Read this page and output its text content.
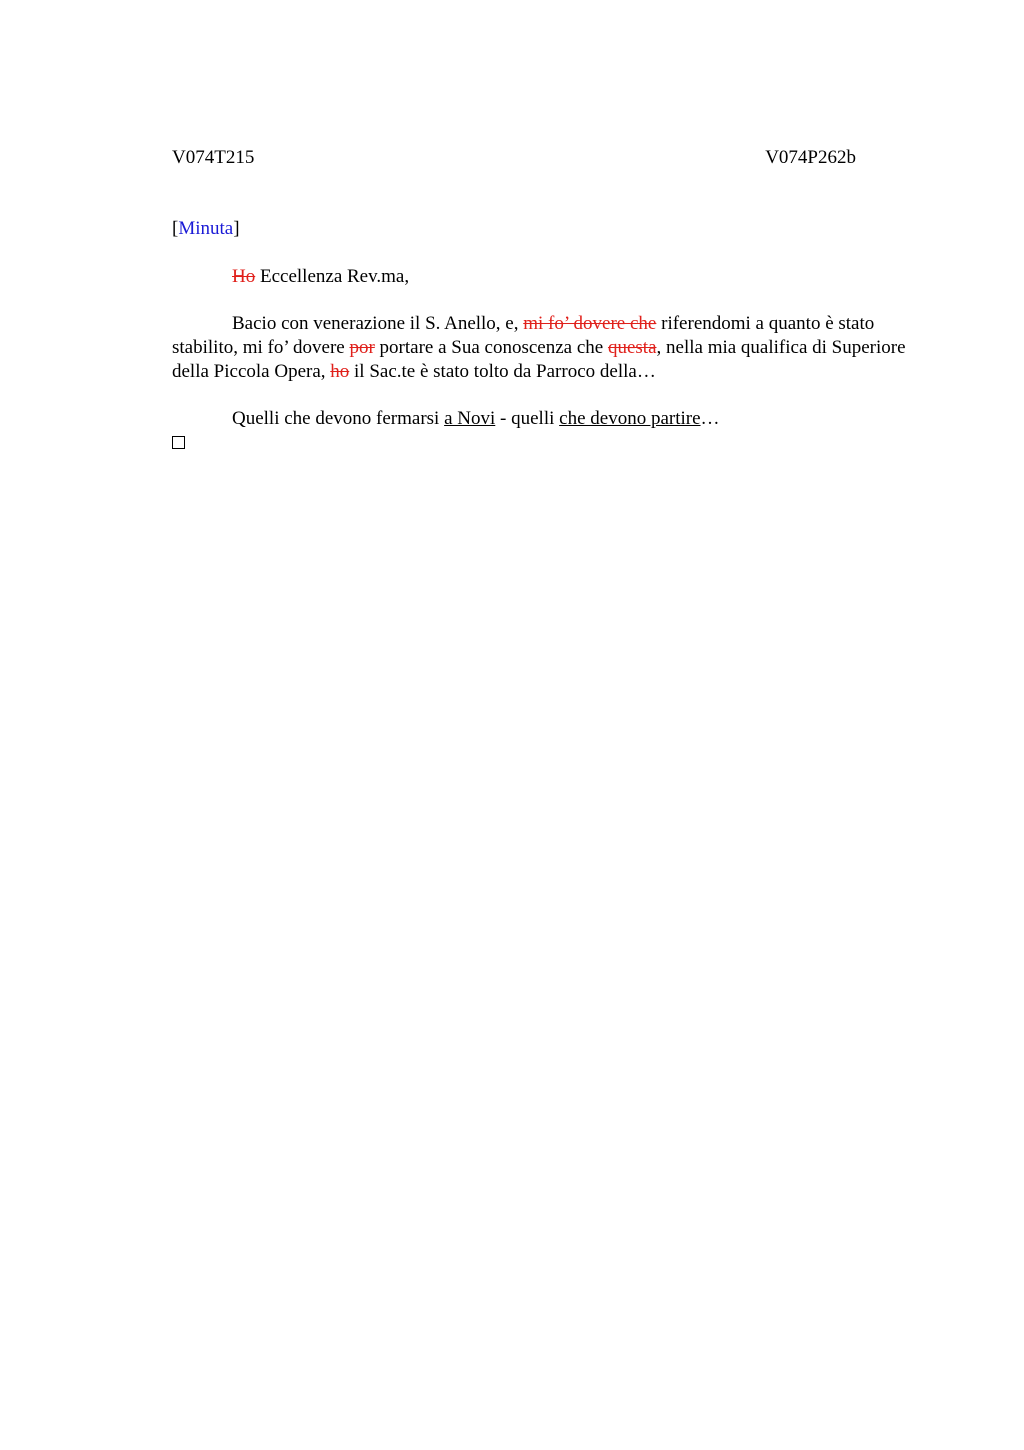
V074T215	V074P262b
[Minuta]
Ho Eccellenza Rev.ma,
Bacio con venerazione il S. Anello, e, mi fo’ dovere che riferendomi a quanto è stato stabilito, mi fo’ dovere por portare a Sua conoscenza che questa, nella mia qualifica di Superiore della Piccola Opera, ho il Sac.te è stato tolto da Parroco della…
Quelli che devono fermarsi a Novi - quelli che devono partire…
